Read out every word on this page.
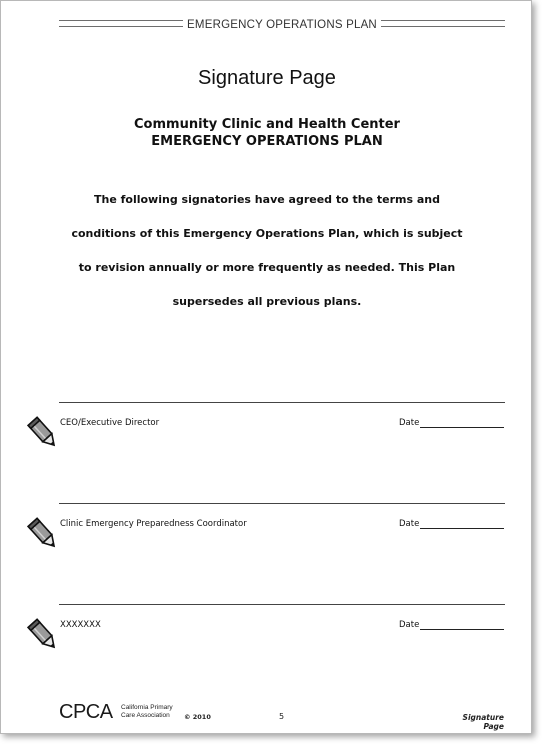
EMERGENCY OPERATIONS PLAN
Signature Page
Community Clinic and Health Center
EMERGENCY OPERATIONS PLAN
The following signatories have agreed to the terms and conditions of this Emergency Operations Plan, which is subject to revision annually or more frequently as needed. This Plan supersedes all previous plans.
CEO/Executive Director	Date
Clinic Emergency Preparedness Coordinator	Date
XXXXXXX	Date
CPCA California Primary
Care Association	© 2010	5	Signature Page
